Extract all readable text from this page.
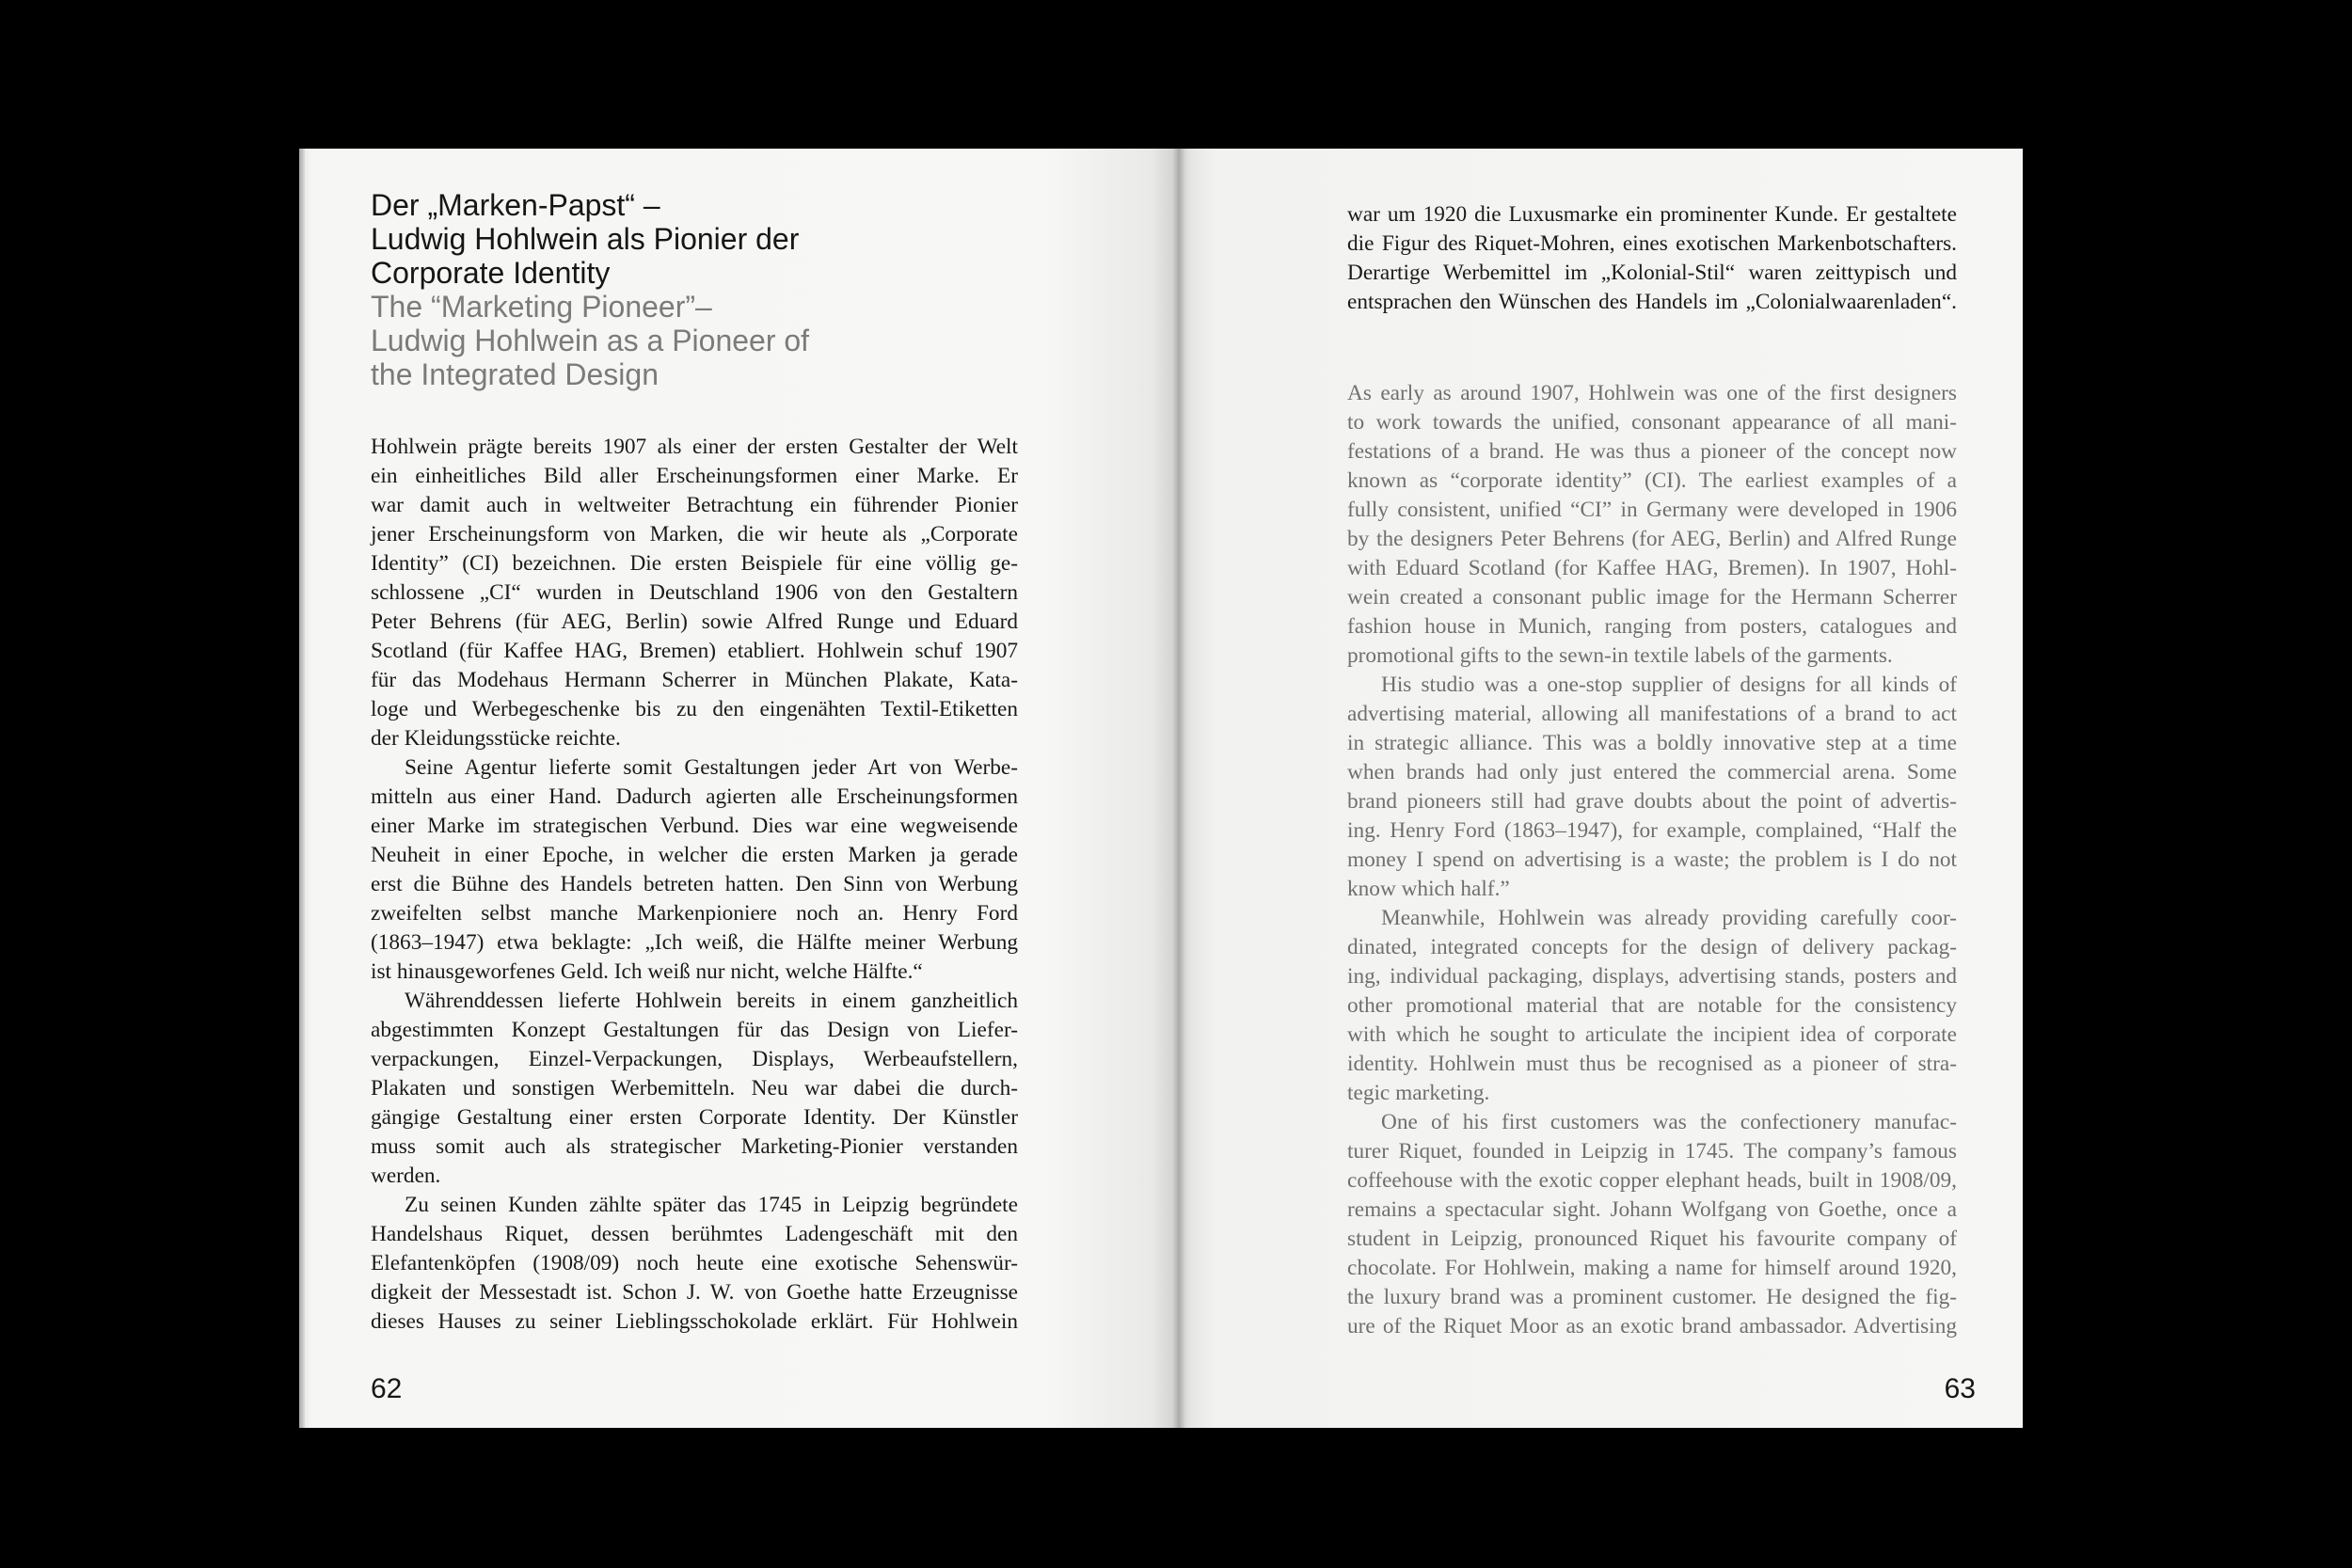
Der „Marken-Papst“ –
Ludwig Hohlwein als Pionier der
Corporate Identity
The “Marketing Pioneer”–
Ludwig Hohlwein as a Pioneer of
the Integrated Design
Hohlwein prägte bereits 1907 als einer der ersten Gestalter der Welt
ein einheitliches Bild aller Erscheinungsformen einer Marke. Er
war damit auch in weltweiter Betrachtung ein führender Pionier
jener Erscheinungsform von Marken, die wir heute als „Corporate
Identity” (CI) bezeichnen. Die ersten Beispiele für eine völlig ge-
schlossene „CI“ wurden in Deutschland 1906 von den Gestaltern
Peter Behrens (für AEG, Berlin) sowie Alfred Runge und Eduard
Scotland (für Kaffee HAG, Bremen) etabliert. Hohlwein schuf 1907
für das Modehaus Hermann Scherrer in München Plakate, Kata-
loge und Werbegeschenke bis zu den eingenähten Textil-Etiketten
der Kleidungsstücke reichte.
Seine Agentur lieferte somit Gestaltungen jeder Art von Werbe-
mitteln aus einer Hand. Dadurch agierten alle Erscheinungsformen
einer Marke im strategischen Verbund. Dies war eine wegweisende
Neuheit in einer Epoche, in welcher die ersten Marken ja gerade
erst die Bühne des Handels betreten hatten. Den Sinn von Werbung
zweifelten selbst manche Markenpioniere noch an. Henry Ford
(1863–1947) etwa beklagte: „Ich weiß, die Hälfte meiner Werbung
ist hinausgeworfenes Geld. Ich weiß nur nicht, welche Hälfte.“
Währenddessen lieferte Hohlwein bereits in einem ganzheitlich
abgestimmten Konzept Gestaltungen für das Design von Liefer-
verpackungen, Einzel-Verpackungen, Displays, Werbeaufstellern,
Plakaten und sonstigen Werbemitteln. Neu war dabei die durch-
gängige Gestaltung einer ersten Corporate Identity. Der Künstler
muss somit auch als strategischer Marketing-Pionier verstanden
werden.
Zu seinen Kunden zählte später das 1745 in Leipzig begründete
Handelshaus Riquet, dessen berühmtes Ladengeschäft mit den
Elefantenköpfen (1908/09) noch heute eine exotische Sehenswür-
digkeit der Messestadt ist. Schon J. W. von Goethe hatte Erzeugnisse
dieses Hauses zu seiner Lieblingsschokolade erklärt. Für Hohlwein
62
war um 1920 die Luxusmarke ein prominenter Kunde. Er gestaltete
die Figur des Riquet-Mohren, eines exotischen Markenbotschafters.
Derartige Werbemittel im „Kolonial-Stil“ waren zeittypisch und
entsprachen den Wünschen des Handels im „Colonialwaarenladen“.
As early as around 1907, Hohlwein was one of the first designers
to work towards the unified, consonant appearance of all mani-
festations of a brand. He was thus a pioneer of the concept now
known as “corporate identity” (CI). The earliest examples of a
fully consistent, unified “CI” in Germany were developed in 1906
by the designers Peter Behrens (for AEG, Berlin) and Alfred Runge
with Eduard Scotland (for Kaffee HAG, Bremen). In 1907, Hohl-
wein created a consonant public image for the Hermann Scherrer
fashion house in Munich, ranging from posters, catalogues and
promotional gifts to the sewn-in textile labels of the garments.
His studio was a one-stop supplier of designs for all kinds of
advertising material, allowing all manifestations of a brand to act
in strategic alliance. This was a boldly innovative step at a time
when brands had only just entered the commercial arena. Some
brand pioneers still had grave doubts about the point of advertis-
ing. Henry Ford (1863–1947), for example, complained, “Half the
money I spend on advertising is a waste; the problem is I do not
know which half.”
Meanwhile, Hohlwein was already providing carefully coor-
dinated, integrated concepts for the design of delivery packag-
ing, individual packaging, displays, advertising stands, posters and
other promotional material that are notable for the consistency
with which he sought to articulate the incipient idea of corporate
identity. Hohlwein must thus be recognised as a pioneer of stra-
tegic marketing.
One of his first customers was the confectionery manufac-
turer Riquet, founded in Leipzig in 1745. The company’s famous
coffeehouse with the exotic copper elephant heads, built in 1908/09,
remains a spectacular sight. Johann Wolfgang von Goethe, once a
student in Leipzig, pronounced Riquet his favourite company of
chocolate. For Hohlwein, making a name for himself around 1920,
the luxury brand was a prominent customer. He designed the fig-
ure of the Riquet Moor as an exotic brand ambassador. Advertising
63
